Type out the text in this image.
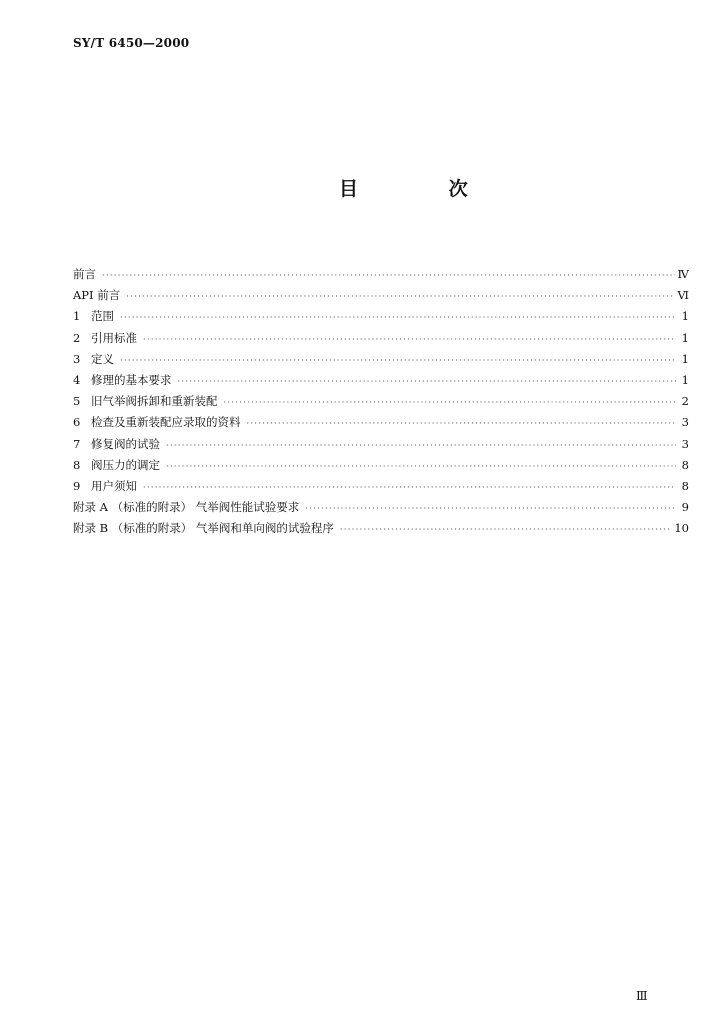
SY/T 6450—2000
目 次
前言 ·····	Ⅳ
API 前言 ·····	Ⅵ
1 范围 ·····	1
2 引用标准 ·····	1
3 定义 ·····	1
4 修理的基本要求 ·····	1
5 旧气举阀拆卸和重新装配 ·····	2
6 检查及重新装配应录取的资料 ·····	3
7 修复阀的试验 ·····	3
8 阀压力的调定 ·····	8
9 用户须知 ·····	8
附录 A （标准的附录） 气举阀性能试验要求 ·····	9
附录 B （标准的附录） 气举阀和单向阀的试验程序 ·····	10
Ⅲ
